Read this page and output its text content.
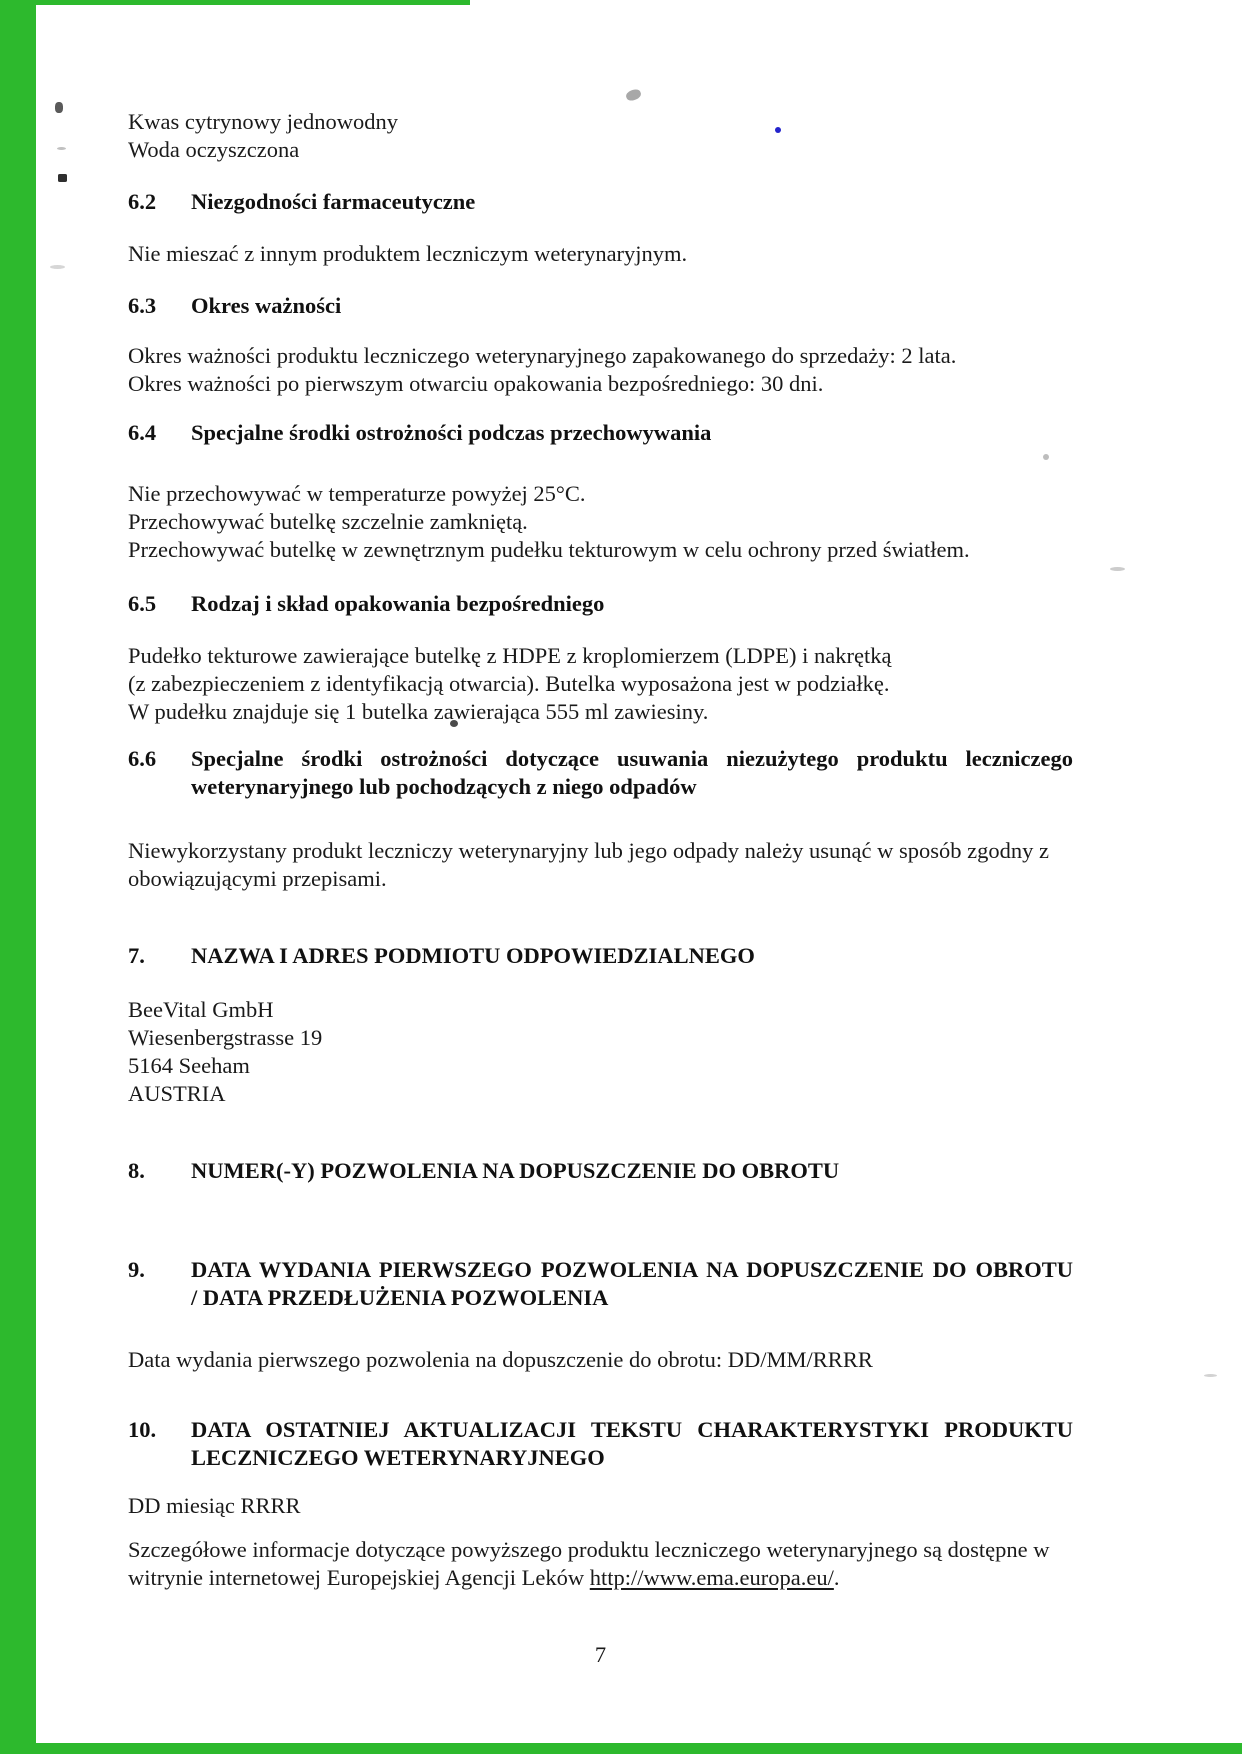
Kwas cytrynowy jednowodny
Woda oczyszczona
6.2	Niezgodności farmaceutyczne
Nie mieszać z innym produktem leczniczym weterynaryjnym.
6.3	Okres ważności
Okres ważności produktu leczniczego weterynaryjnego zapakowanego do sprzedaży: 2 lata.
Okres ważności po pierwszym otwarciu opakowania bezpośredniego: 30 dni.
6.4	Specjalne środki ostrożności podczas przechowywania
Nie przechowywać w temperaturze powyżej 25°C.
Przechowywać butelkę szczelnie zamkniętą.
Przechowywać butelkę w zewnętrznym pudełku tekturowym w celu ochrony przed światłem.
6.5	Rodzaj i skład opakowania bezpośredniego
Pudełko tekturowe zawierające butelkę z HDPE z kroplomierzem (LDPE) i nakrętką
(z zabezpieczeniem z identyfikacją otwarcia). Butelka wyposażona jest w podziałkę.
W pudełku znajduje się 1 butelka zawierająca 555 ml zawiesiny.
6.6	Specjalne środki ostrożności dotyczące usuwania niezużytego produktu leczniczego
weterynaryjnego lub pochodzących z niego odpadów
Niewykorzystany produkt leczniczy weterynaryjny lub jego odpady należy usunąć w sposób zgodny z
obowiązującymi przepisami.
7.	NAZWA I ADRES PODMIOTU ODPOWIEDZIALNEGO
BeeVital GmbH
Wiesenbergstrasse 19
5164 Seeham
AUSTRIA
8.	NUMER(-Y) POZWOLENIA NA DOPUSZCZENIE DO OBROTU
9.	DATA WYDANIA PIERWSZEGO POZWOLENIA NA DOPUSZCZENIE DO OBROTU
/ DATA PRZEDŁUŻENIA POZWOLENIA
Data wydania pierwszego pozwolenia na dopuszczenie do obrotu: DD/MM/RRRR
10.	DATA OSTATNIEJ AKTUALIZACJI TEKSTU CHARAKTERYSTYKI PRODUKTU
LECZNICZEGO WETERYNARYJNEGO
DD miesiąc RRRR
Szczegółowe informacje dotyczące powyższego produktu leczniczego weterynaryjnego są dostępne w
witrynie internetowej Europejskiej Agencji Leków http://www.ema.europa.eu/.
7
